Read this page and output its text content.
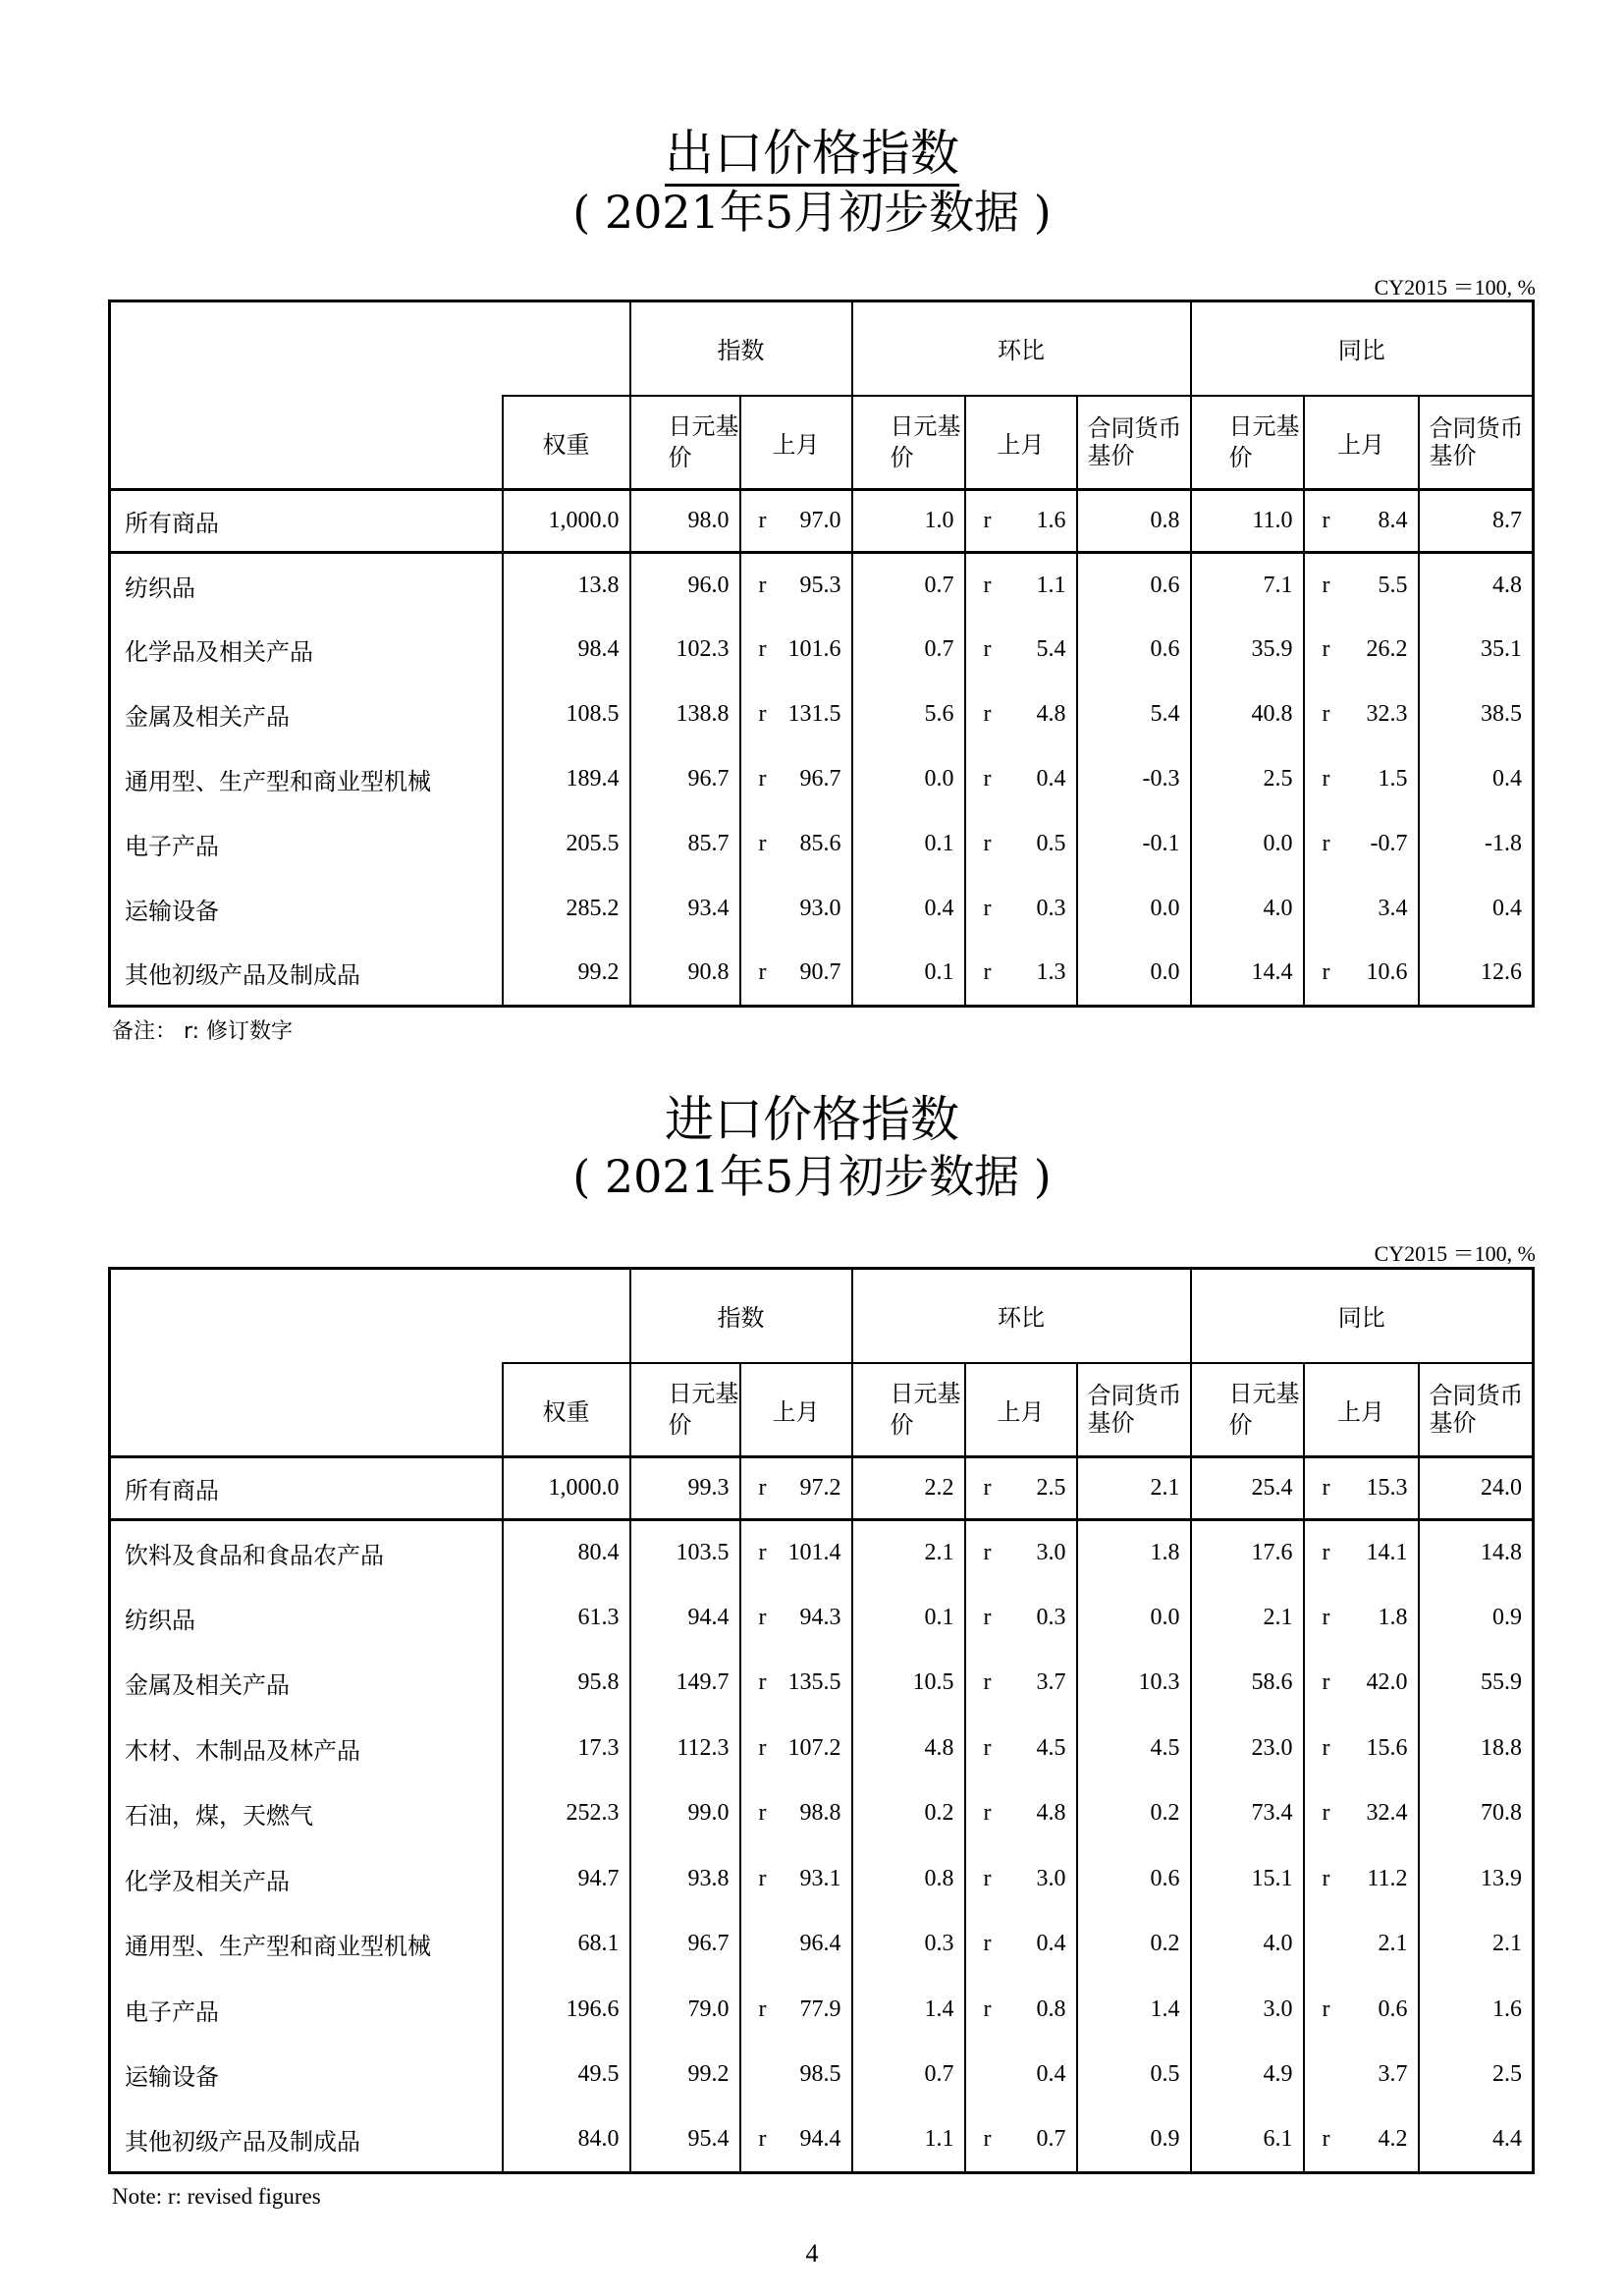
出口价格指数
( 2021年5月初步数据 )
CY2015 ＝100, %
		指数			环比				同比			
	权重	日元基价	上月		日元基价	上月		合同货币基价	日元基价	上月		合同货币基价
所有商品	1,000.0	98.0	r	97.0	1.0	r	1.6	0.8	11.0	r	8.4	8.7
纺织品	13.8	96.0	r	95.3	0.7	r	1.1	0.6	7.1	r	5.5	4.8
化学品及相关产品	98.4	102.3	r	101.6	0.7	r	5.4	0.6	35.9	r	26.2	35.1
金属及相关产品	108.5	138.8	r	131.5	5.6	r	4.8	5.4	40.8	r	32.3	38.5
通用型、生产型和商业型机械	189.4	96.7	r	96.7	0.0	r	0.4	-0.3	2.5	r	1.5	0.4
电子产品	205.5	85.7	r	85.6	0.1	r	0.5	-0.1	0.0	r	-0.7	-1.8
运输设备	285.2	93.4		93.0	0.4	r	0.3	0.0	4.0		3.4	0.4
其他初级产品及制成品	99.2	90.8	r	90.7	0.1	r	1.3	0.0	14.4	r	10.6	12.6
备注： r: 修订数字
进口价格指数
( 2021年5月初步数据 )
CY2015 ＝100, %
		指数			环比				同比			
	权重	日元基价	上月		日元基价	上月		合同货币基价	日元基价	上月		合同货币基价
所有商品	1,000.0	99.3	r	97.2	2.2	r	2.5	2.1	25.4	r	15.3	24.0
饮料及食品和食品农产品	80.4	103.5	r	101.4	2.1	r	3.0	1.8	17.6	r	14.1	14.8
纺织品	61.3	94.4	r	94.3	0.1	r	0.3	0.0	2.1	r	1.8	0.9
金属及相关产品	95.8	149.7	r	135.5	10.5	r	3.7	10.3	58.6	r	42.0	55.9
木材、木制品及林产品	17.3	112.3	r	107.2	4.8	r	4.5	4.5	23.0	r	15.6	18.8
石油，煤，天燃气	252.3	99.0	r	98.8	0.2	r	4.8	0.2	73.4	r	32.4	70.8
化学及相关产品	94.7	93.8	r	93.1	0.8	r	3.0	0.6	15.1	r	11.2	13.9
通用型、生产型和商业型机械	68.1	96.7		96.4	0.3	r	0.4	0.2	4.0		2.1	2.1
电子产品	196.6	79.0	r	77.9	1.4	r	0.8	1.4	3.0	r	0.6	1.6
运输设备	49.5	99.2		98.5	0.7		0.4	0.5	4.9		3.7	2.5
其他初级产品及制成品	84.0	95.4	r	94.4	1.1	r	0.7	0.9	6.1	r	4.2	4.4
Note: r: revised figures
4
